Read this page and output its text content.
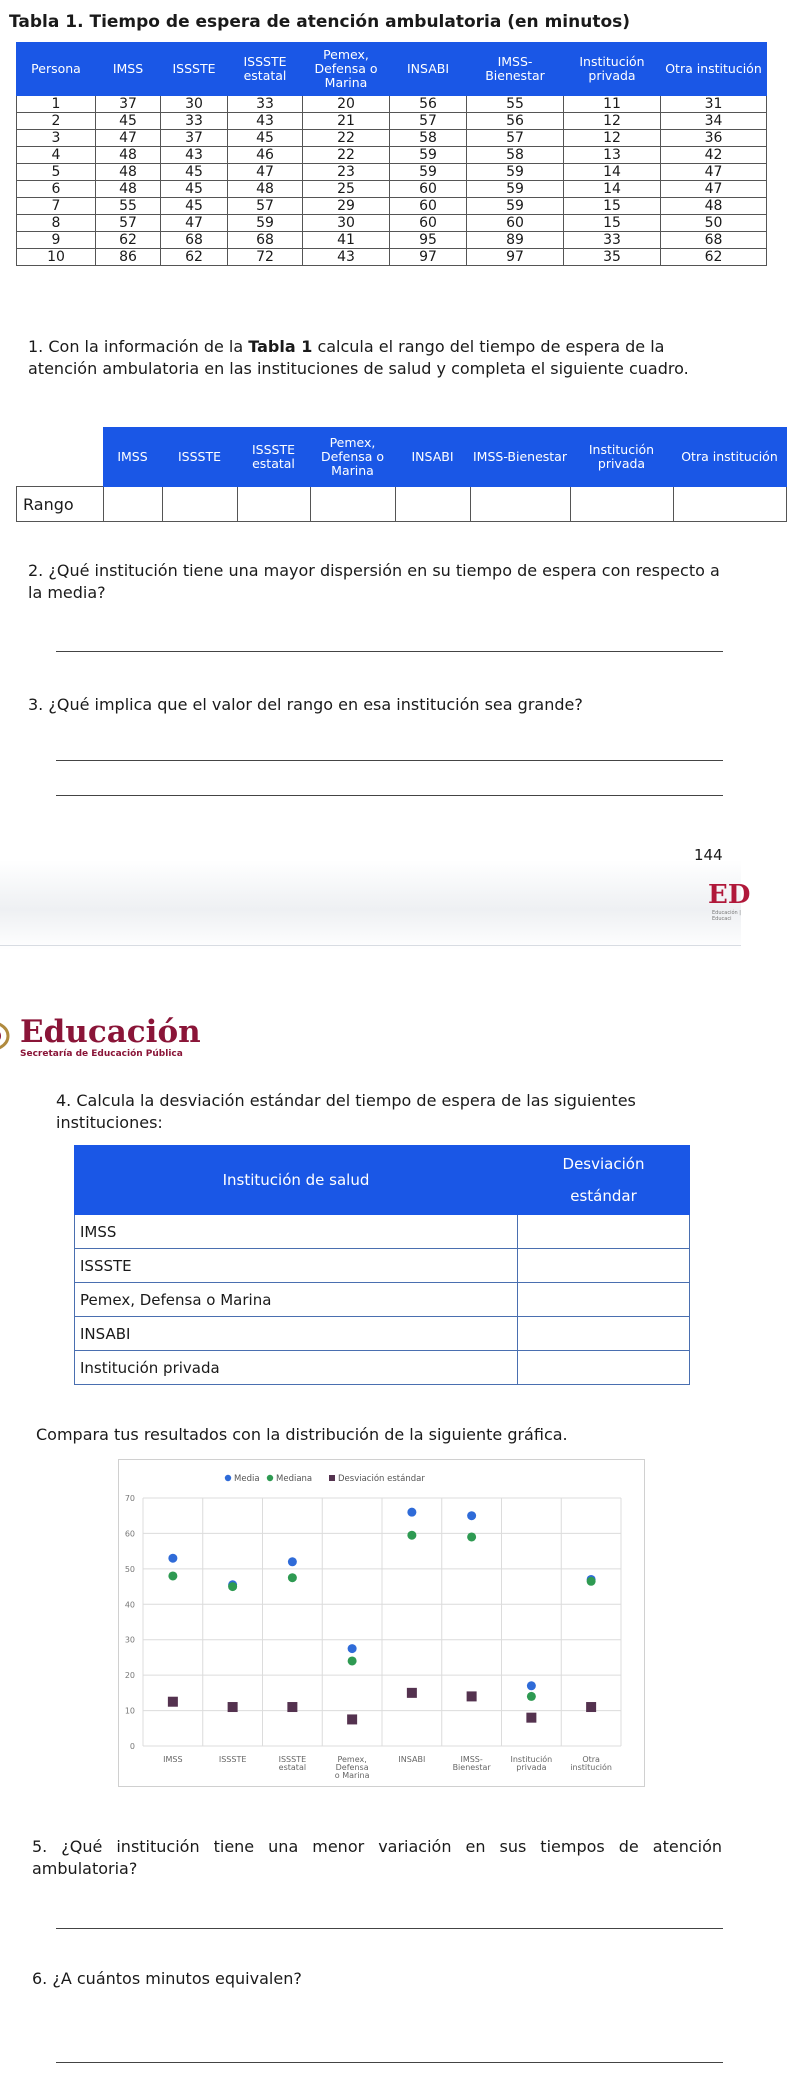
Tabla 1. Tiempo de espera de atención ambulatoria (en minutos)
Persona	IMSS	ISSSTE	ISSSTE estatal	Pemex, Defensa o Marina	INSABI	IMSS-Bienestar	Institución privada	Otra institución
1	37	30	33	20	56	55	11	31
2	45	33	43	21	57	56	12	34
3	47	37	45	22	58	57	12	36
4	48	43	46	22	59	58	13	42
5	48	45	47	23	59	59	14	47
6	48	45	48	25	60	59	14	47
7	55	45	57	29	60	59	15	48
8	57	47	59	30	60	60	15	50
9	62	68	68	41	95	89	33	68
10	86	62	72	43	97	97	35	62
1. Con la información de la Tabla 1 calcula el rango del tiempo de espera de la atención ambulatoria en las instituciones de salud y completa el siguiente cuadro.
	IMSS	ISSSTE	ISSSTE estatal	Pemex, Defensa o Marina	INSABI	IMSS-Bienestar	Institución privada	Otra institución
Rango								
2. ¿Qué institución tiene una mayor dispersión en su tiempo de espera con respecto a la media?
3. ¿Qué implica que el valor del rango en esa institución sea grande?
144
ED
Educación | Educaci
Educación
Secretaría de Educación Pública
4. Calcula la desviación estándar del tiempo de espera de las siguientes instituciones:
Institución de salud	Desviación estándar

IMSS	
ISSSTE	
Pemex, Defensa o Marina	
INSABI	
Institución privada	
Compara tus resultados con la distribución de la siguiente gráfica.
0
10
20
30
40
50
60
70
IMSS	ISSSTE	ISSSTE estatal
Pemex, Defensa o Marina
INSABI	IMSS-Bienestar
Institución privada
Otra institución
Media Mediana	Desviación estándar
5. ¿Qué institución tiene una menor variación en sus tiempos de atención ambulatoria?
6. ¿A cuántos minutos equivalen?
